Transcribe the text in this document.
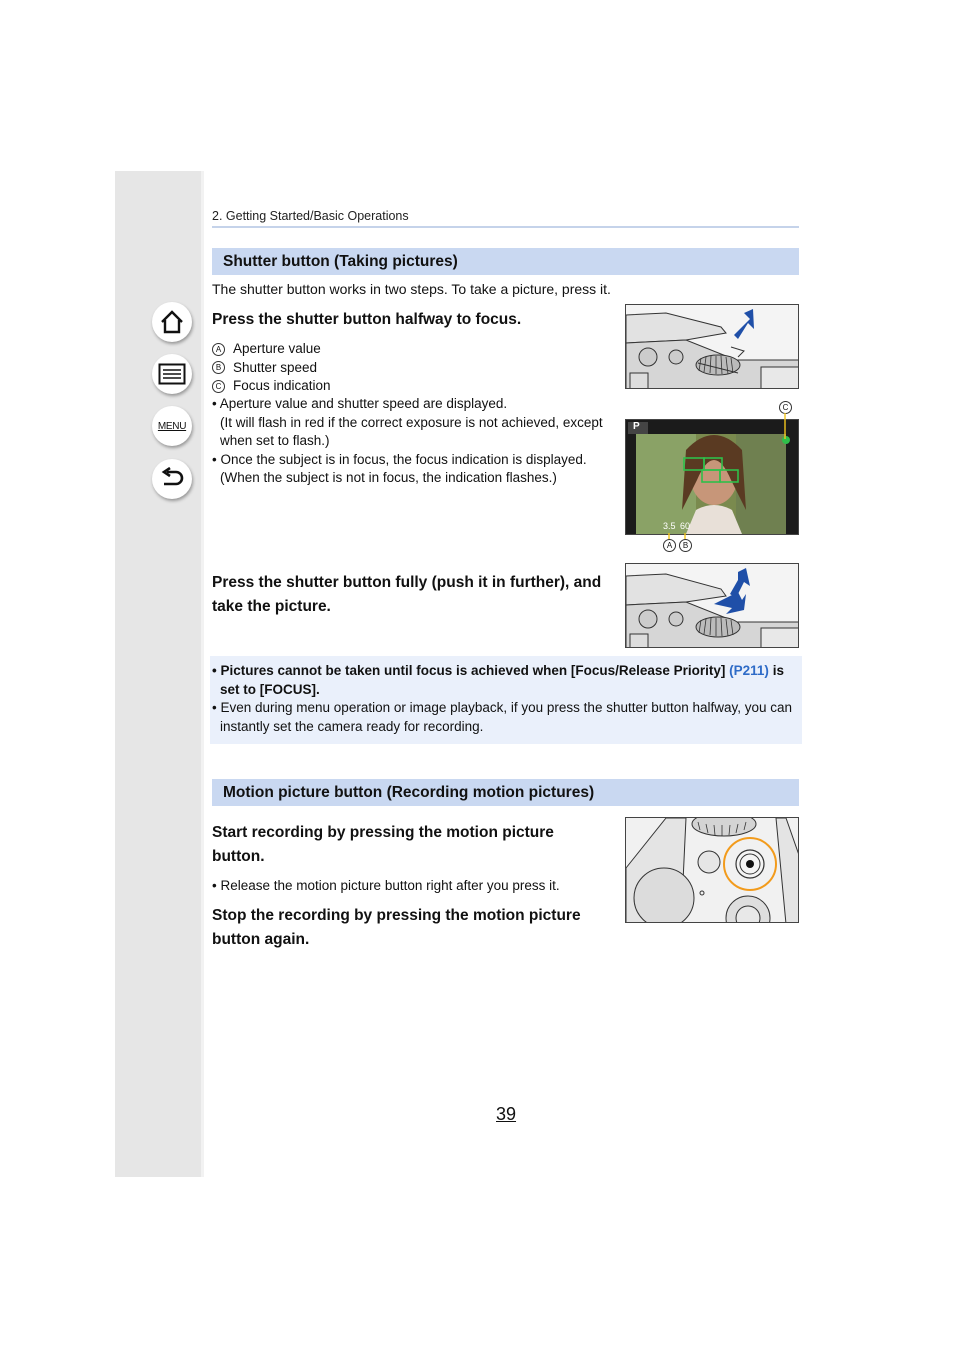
MENU
2. Getting Started/Basic Operations
Shutter button (Taking pictures)
The shutter button works in two steps. To take a picture, press it.
Press the shutter button halfway to focus.
A Aperture value
B Shutter speed
C Focus indication
• Aperture value and shutter speed are displayed.
(It will flash in red if the correct exposure is not achieved, except when set to flash.)
• Once the subject is in focus, the focus indication is displayed.
(When the subject is not in focus, the indication flashes.)
C
P
3.5 60
A	B
Press the shutter button fully (push it in further), and take the picture.
• Pictures cannot be taken until focus is achieved when [Focus/Release Priority] (P211) is set to [FOCUS].
• Even during menu operation or image playback, if you press the shutter button halfway, you can instantly set the camera ready for recording.
Motion picture button (Recording motion pictures)
Start recording by pressing the motion picture button.
• Release the motion picture button right after you press it.
Stop the recording by pressing the motion picture button again.
39
